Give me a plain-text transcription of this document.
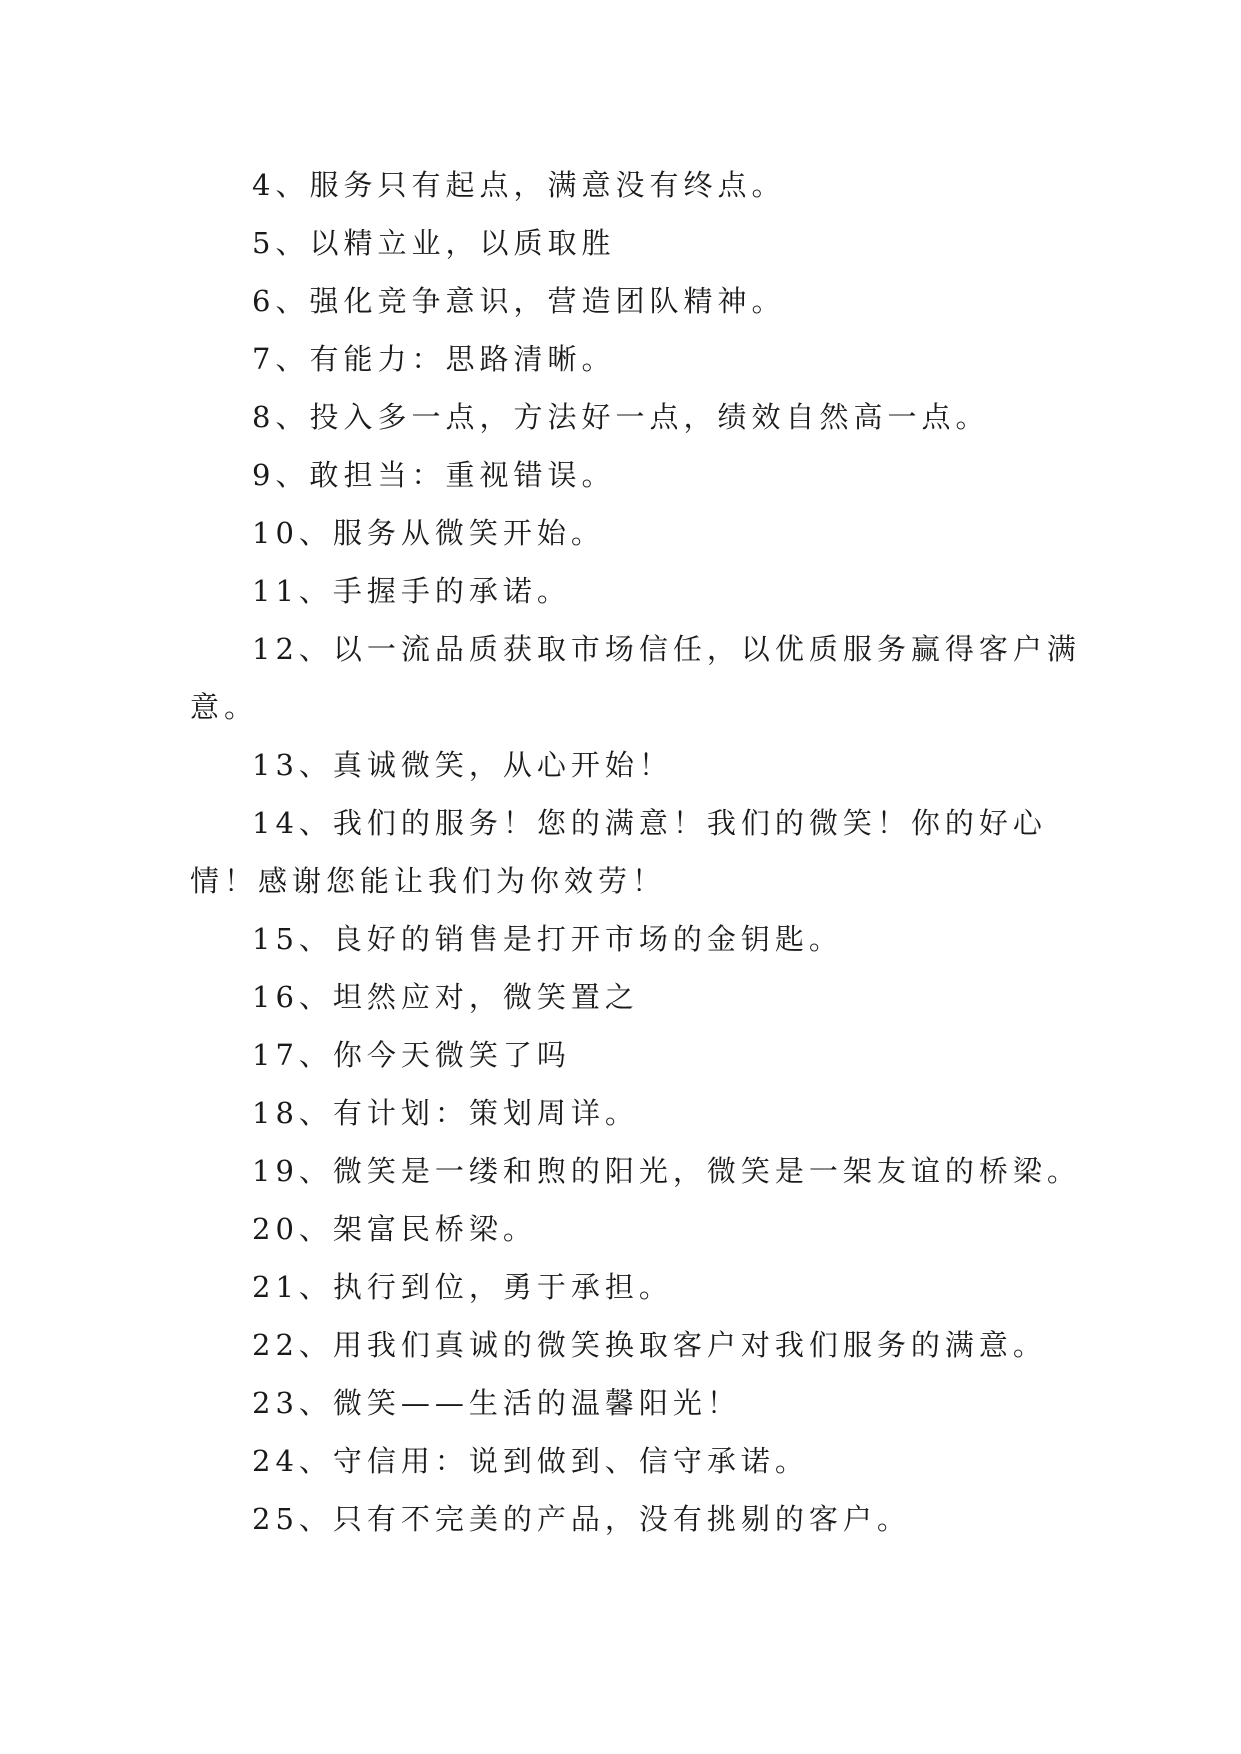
4、服务只有起点，满意没有终点。
5、以精立业，以质取胜
6、强化竞争意识，营造团队精神。
7、有能力：思路清晰。
8、投入多一点，方法好一点，绩效自然高一点。
9、敢担当：重视错误。
10、服务从微笑开始。
11、手握手的承诺。
12、以一流品质获取市场信任，以优质服务赢得客户满
意。
13、真诚微笑，从心开始！
14、我们的服务！您的满意！我们的微笑！你的好心
情！感谢您能让我们为你效劳！
15、良好的销售是打开市场的金钥匙。
16、坦然应对，微笑置之
17、你今天微笑了吗
18、有计划：策划周详。
19、微笑是一缕和煦的阳光，微笑是一架友谊的桥梁。
20、架富民桥梁。
21、执行到位，勇于承担。
22、用我们真诚的微笑换取客户对我们服务的满意。
23、微笑——生活的温馨阳光！
24、守信用：说到做到、信守承诺。
25、只有不完美的产品，没有挑剔的客户。
